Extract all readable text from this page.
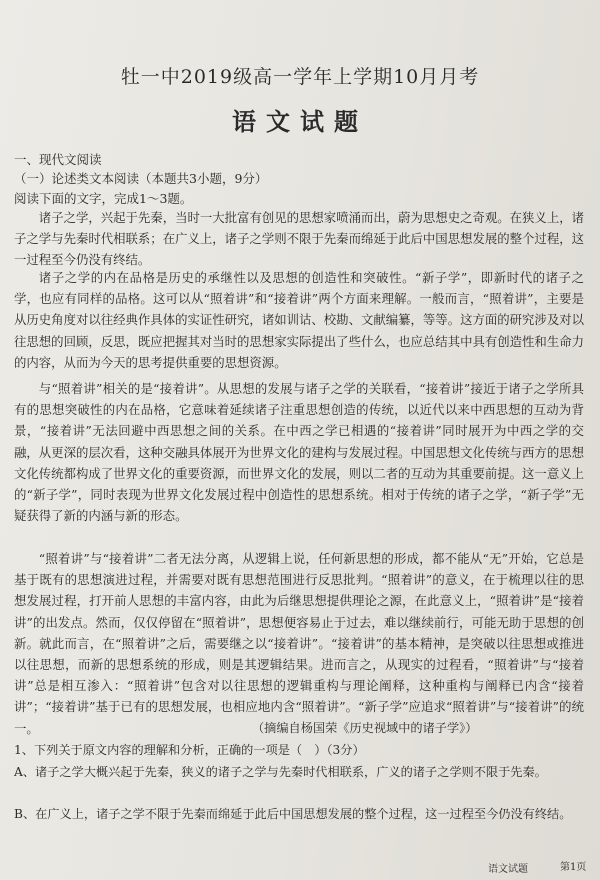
牡一中2019级高一学年上学期10月月考
语文试题
一、现代文阅读
（一）论述类文本阅读（本题共3小题，9分）
阅读下面的文字，完成1～3题。
诸子之学，兴起于先秦，当时一大批富有创见的思想家喷涌而出，蔚为思想史之奇观。在狭义上，诸子之学与先秦时代相联系；在广义上，诸子之学则不限于先秦而绵延于此后中国思想发展的整个过程，这一过程至今仍没有终结。
诸子之学的内在品格是历史的承继性以及思想的创造性和突破性。“新子学”，即新时代的诸子之学，也应有同样的品格。这可以从“照着讲”和“接着讲”两个方面来理解。一般而言，“照着讲”，主要是从历史角度对以往经典作具体的实证性研究，诸如训诂、校勘、文献编纂，等等。这方面的研究涉及对以往思想的回顾，反思，既应把握其对当时的思想家实际提出了些什么，也应总结其中具有创造性和生命力的内容，从而为今天的思考提供重要的思想资源。
与“照着讲”相关的是“接着讲”。从思想的发展与诸子之学的关联看，“接着讲”接近于诸子之学所具有的思想突破性的内在品格，它意味着延续诸子注重思想创造的传统，以近代以来中西思想的互动为背景，“接着讲”无法回避中西思想之间的关系。在中西之学已相遇的“接着讲”同时展开为中西之学的交融，从更深的层次看，这种交融具体展开为世界文化的建构与发展过程。中国思想文化传统与西方的思想文化传统都构成了世界文化的重要资源，而世界文化的发展，则以二者的互动为其重要前提。这一意义上的“新子学”，同时表现为世界文化发展过程中创造性的思想系统。相对于传统的诸子之学，“新子学”无疑获得了新的内涵与新的形态。
“照着讲”与“接着讲”二者无法分离，从逻辑上说，任何新思想的形成，都不能从“无”开始，它总是基于既有的思想演进过程，并需要对既有思想范围进行反思批判。“照着讲”的意义，在于梳理以往的思想发展过程，打开前人思想的丰富内容，由此为后继思想提供理论之源，在此意义上，“照着讲”是“接着讲”的出发点。然而，仅仅停留在“照着讲”，思想便容易止于过去，难以继续前行，可能无助于思想的创新。就此而言，在“照着讲”之后，需要继之以“接着讲”。“接着讲”的基本精神，是突破以往思想或推进以往思想，而新的思想系统的形成，则是其逻辑结果。进而言之，从现实的过程看，“照着讲”与“接着讲”总是相互渗入：“照着讲”包含对以往思想的逻辑重构与理论阐释，这种重构与阐释已内含“接着讲”；“接着讲”基于已有的思想发展，也相应地内含“照着讲”。“新子学”应追求“照着讲”与“接着讲”的统一。	（摘编自杨国荣《历史视域中的诸子学》）
1、下列关于原文内容的理解和分析，正确的一项是（　）（3分）
A、诸子之学大概兴起于先秦，狭义的诸子之学与先秦时代相联系，广义的诸子之学则不限于先秦。
B、在广义上，诸子之学不限于先秦而绵延于此后中国思想发展的整个过程，这一过程至今仍没有终结。
语文试题	第1页
